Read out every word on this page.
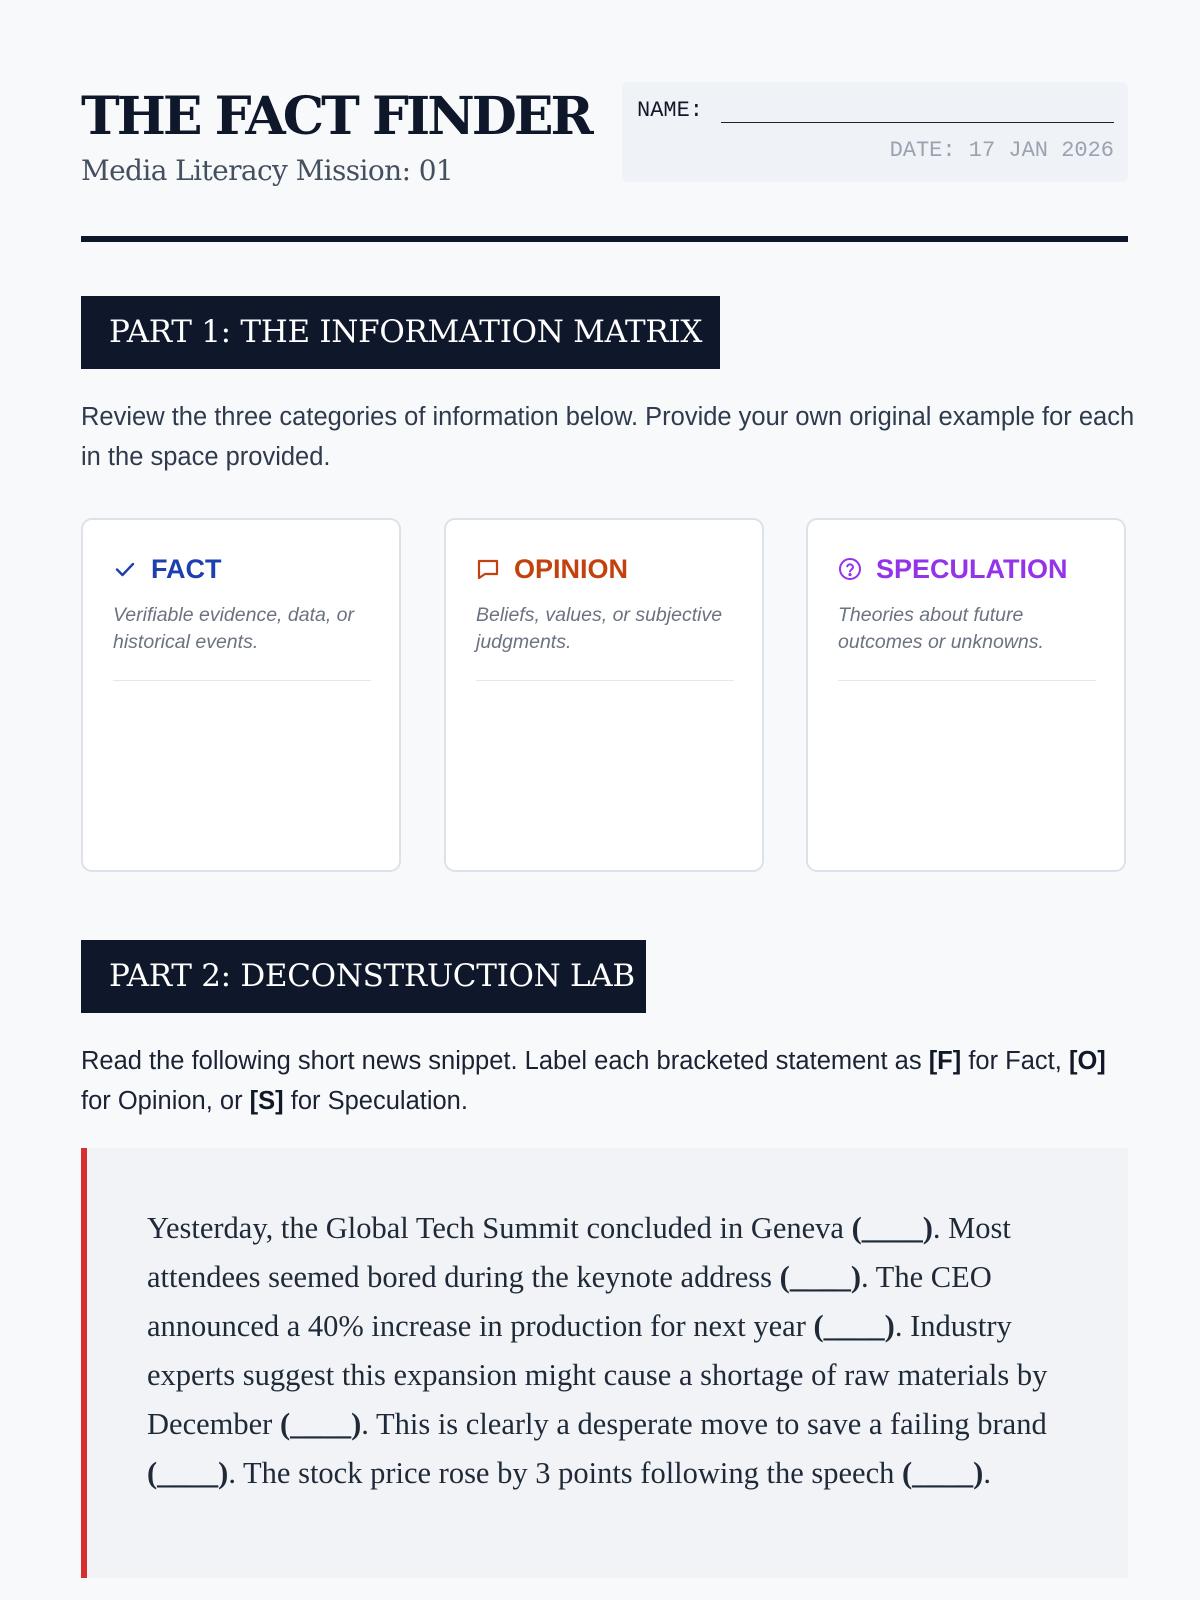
THE FACT FINDER
Media Literacy Mission: 01
NAME:
DATE: 17 JAN 2026
PART 1: THE INFORMATION MATRIX

Review the three categories of information below. Provide your own original example for each in the space provided.

FACT
Verifiable evidence, data, or historical events.
OPINION
Beliefs, values, or subjective judgments.
SPECULATION
Theories about future outcomes or unknowns.
PART 2: DECONSTRUCTION LAB

Read the following short news snippet. Label each bracketed statement as [F] for Fact, [O] for Opinion, or [S] for Speculation.

Yesterday, the Global Tech Summit concluded in Geneva (____). Most attendees seemed bored during the keynote address (____). The CEO announced a 40% increase in production for next year (____). Industry experts suggest this expansion might cause a shortage of raw materials by December (____). This is clearly a desperate move to save a failing brand (____). The stock price rose by 3 points following the speech (____).
